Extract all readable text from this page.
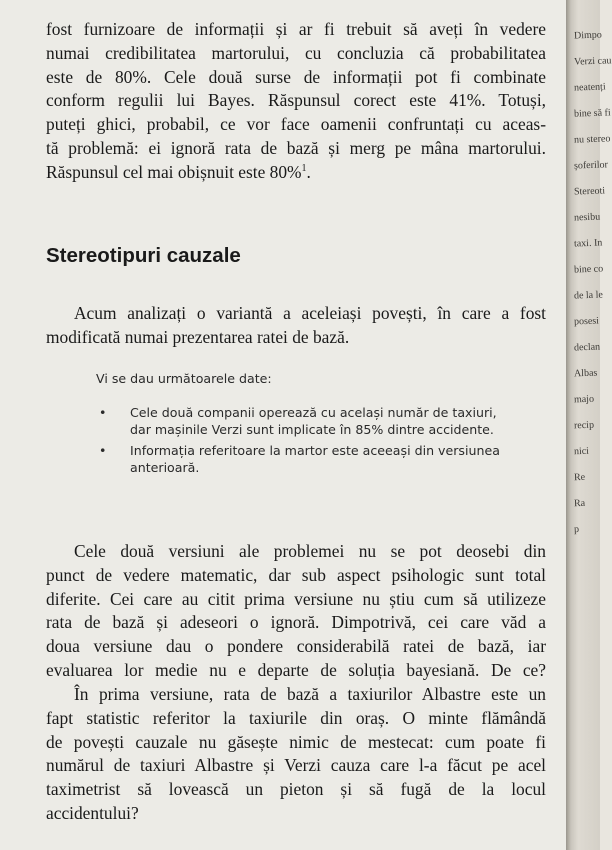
fost furnizoare de informații și ar fi trebuit să aveți în vedere
numai credibilitatea martorului, cu concluzia că probabilitatea
este de 80%. Cele două surse de informații pot fi combinate
conform regulii lui Bayes. Răspunsul corect este 41%. Totuși,
puteți ghici, probabil, ce vor face oamenii confruntați cu aceas-
tă problemă: ei ignoră rata de bază și merg pe mâna martorului.
Răspunsul cel mai obișnuit este 80%$^1$.

Stereotipuri cauzale

Acum analizați o variantă a aceleiași povești, în care a fost
modificată numai prezentarea ratei de bază.

Vi se dau următoarele date:

• Cele două companii operează cu același număr de taxiuri, dar mașinile Verzi sunt implicate în 85% dintre accidente.
• Informația referitoare la martor este aceeași din versiunea anterioară.

Cele două versiuni ale problemei nu se pot deosebi din
punct de vedere matematic, dar sub aspect psihologic sunt total
diferite. Cei care au citit prima versiune nu știu cum să utilizeze
rata de bază și adeseori o ignoră. Dimpotrivă, cei care văd a
doua versiune dau o pondere considerabilă ratei de bază, iar
evaluarea lor medie nu e departe de soluția bayesiană. De ce?

În prima versiune, rata de bază a taxiurilor Albastre este un
fapt statistic referitor la taxiurile din oraș. O minte flămândă
de povești cauzale nu găsește nimic de mestecat: cum poate fi
numărul de taxiuri Albastre și Verzi cauza care l-a făcut pe acel
taximetrist să lovească un pieton și să fugă de la locul
accidentului?

Dimpo
Verzi cau
neatenți
bine să fi
nu stereo
șoferilor
Stereoti
nesibu
taxi. In
bine co
de la le
posesi
declan
Albas
majo
recip
nici
Re
Ra
p
